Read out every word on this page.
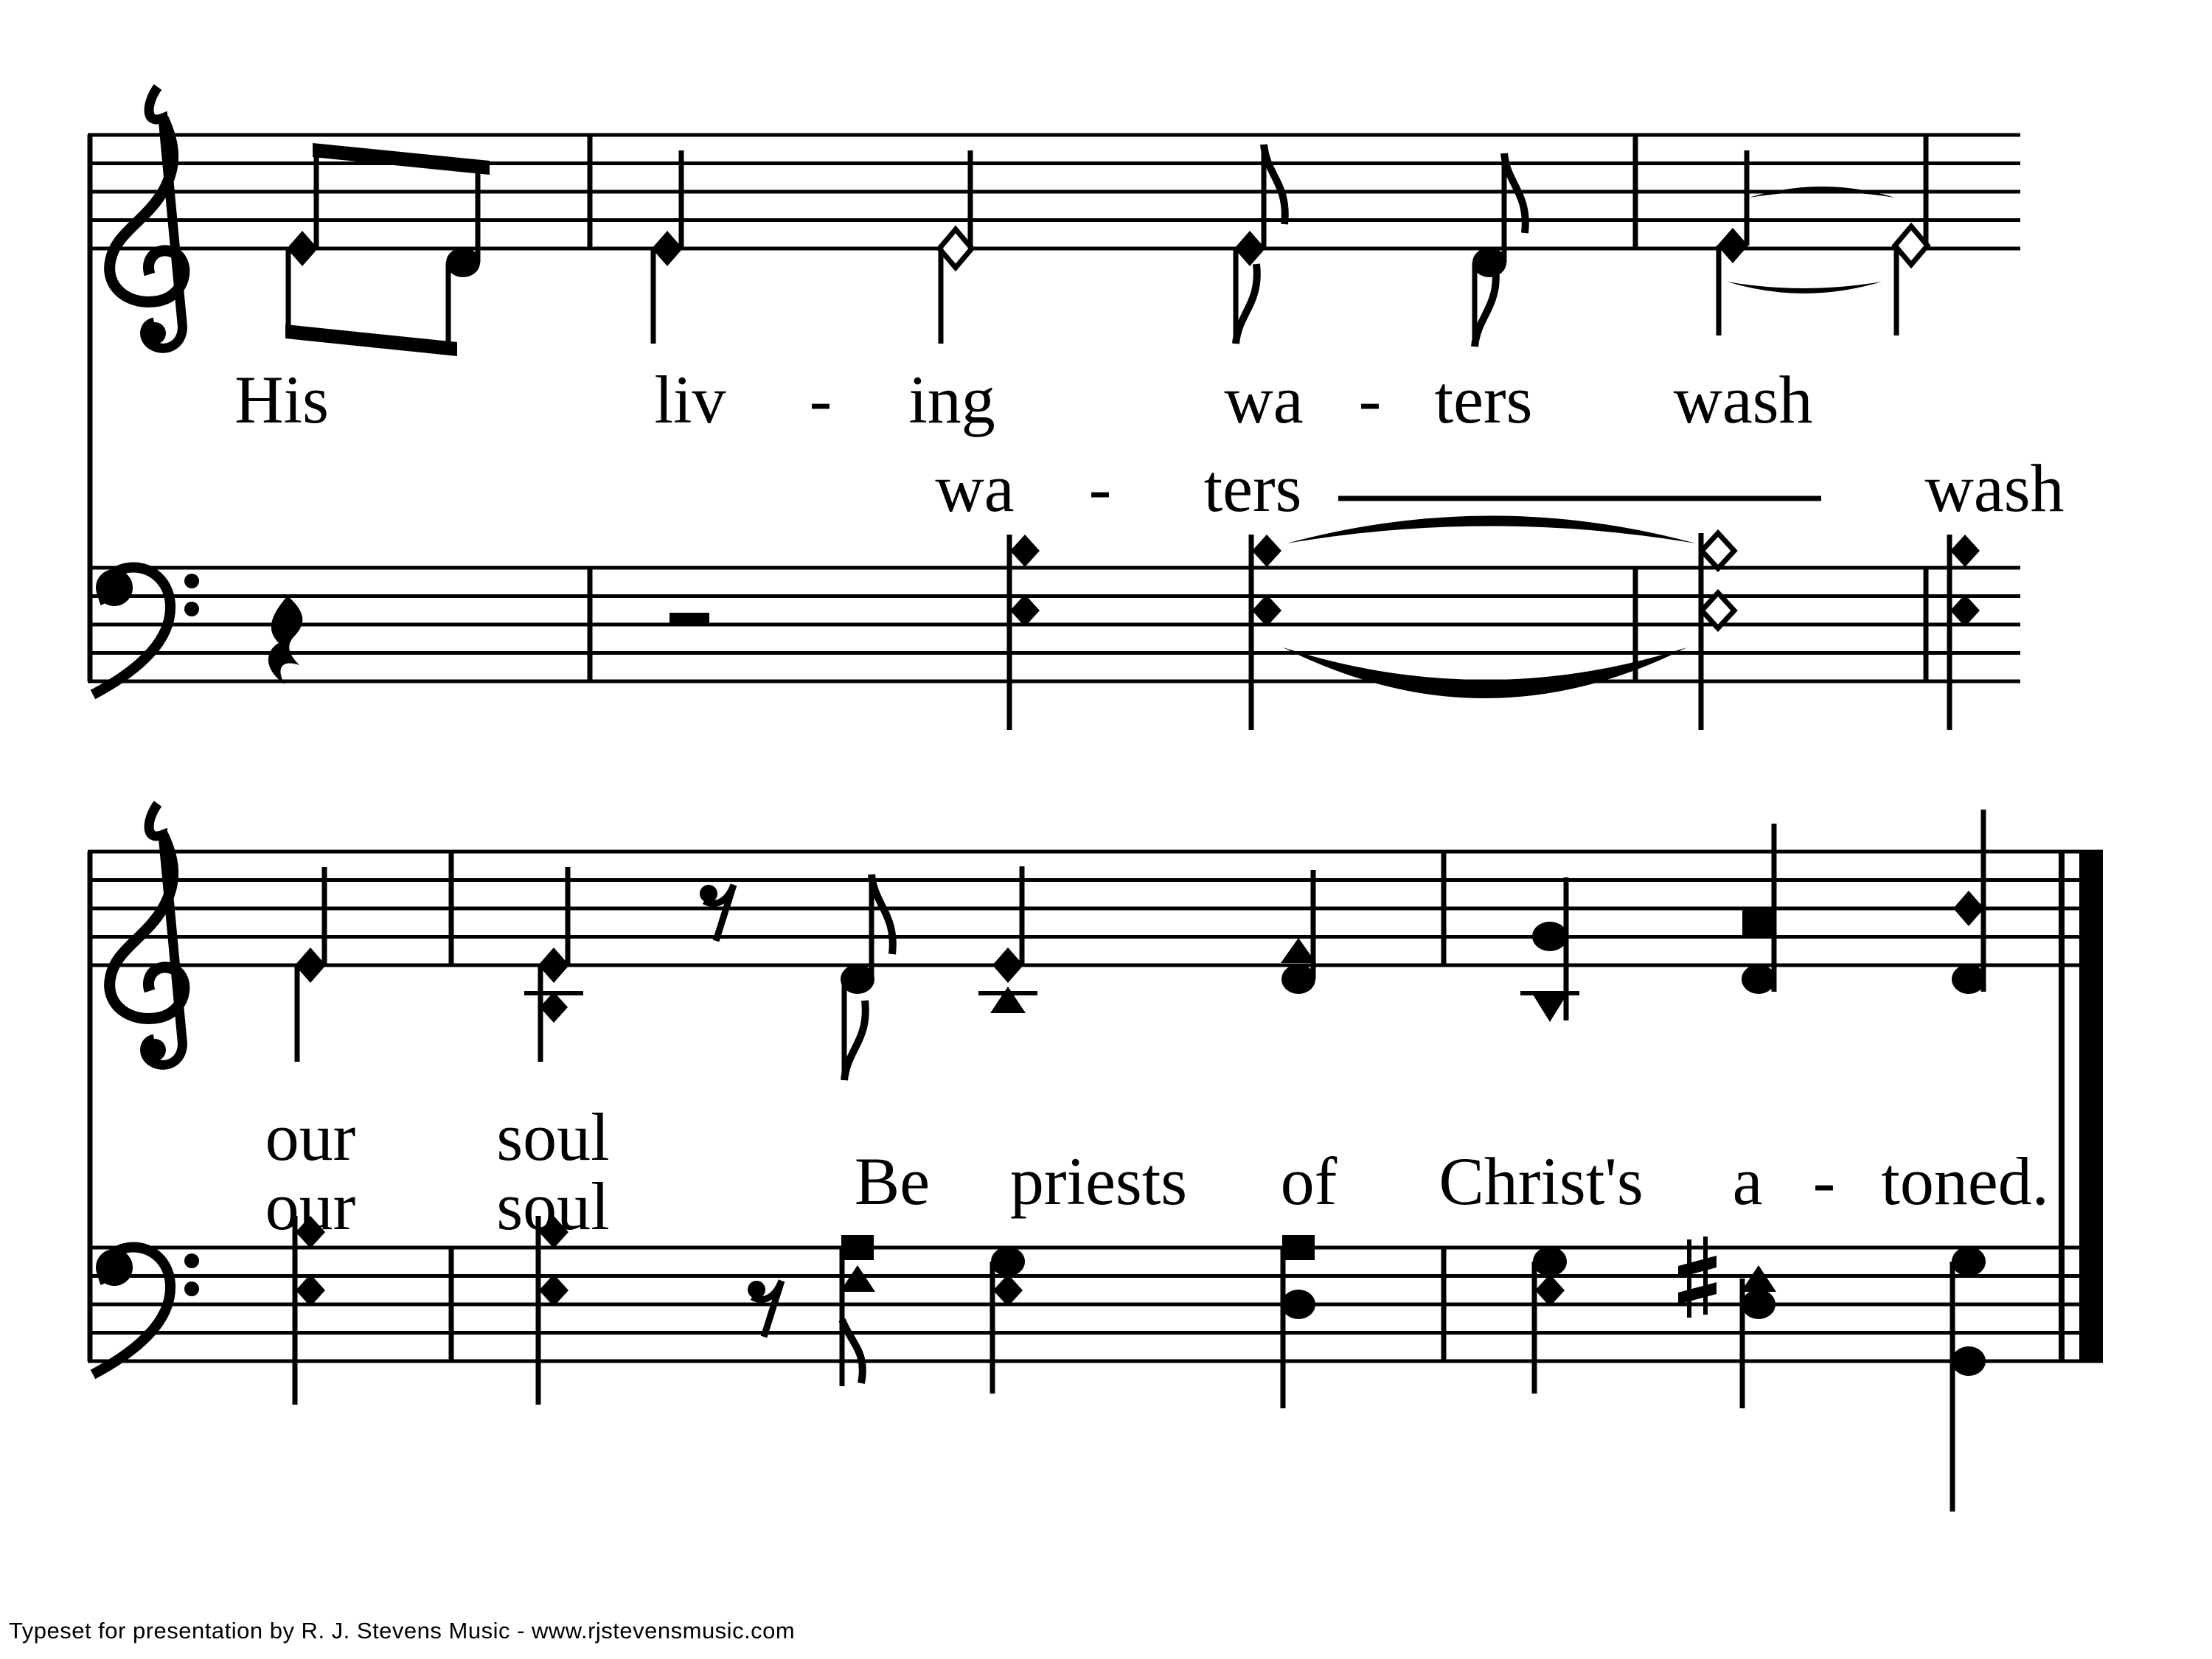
His	liv - ing	wa - ters wash
wa - ters	wash
our soul
our soul	Be priests of Christ's a - toned.
Typeset for presentation by R. J. Stevens Music - www.rjstevensmusic.com
